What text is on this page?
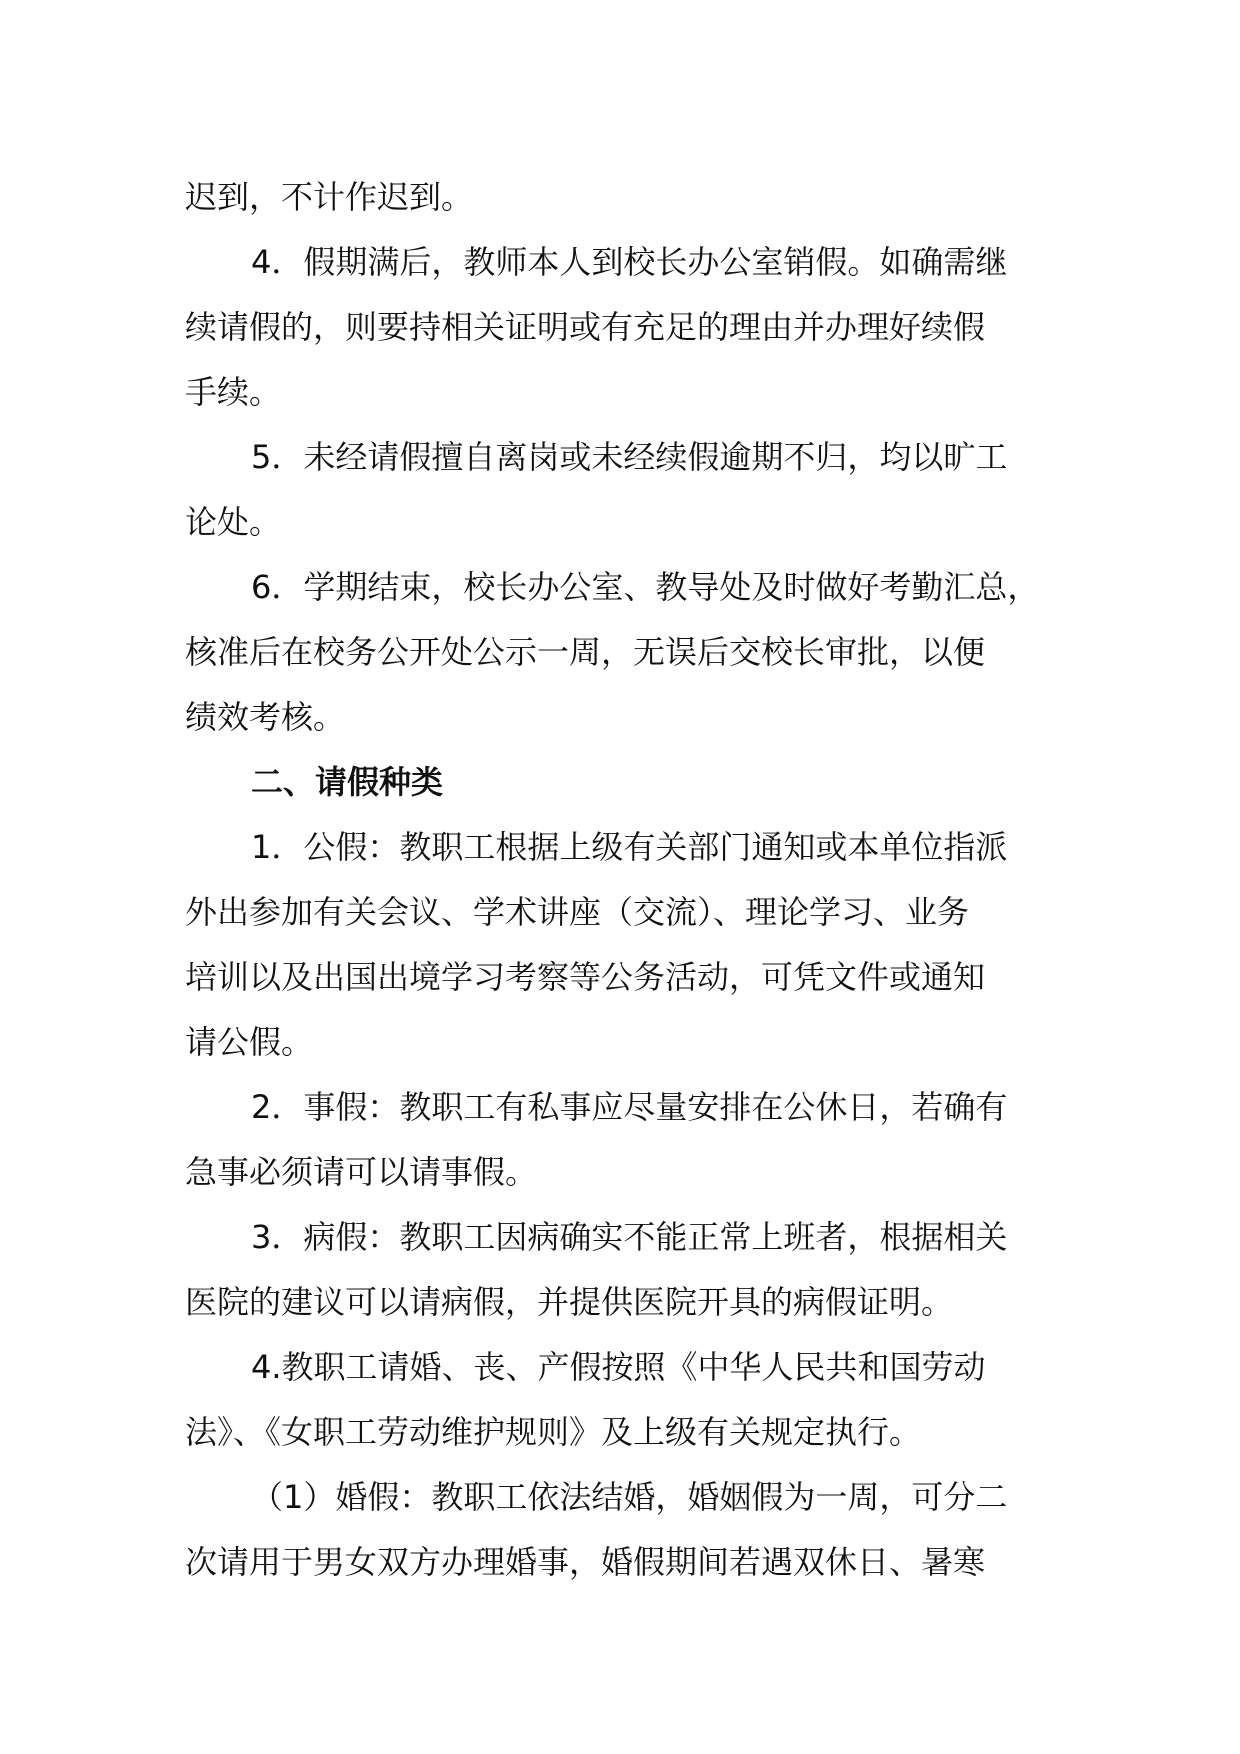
迟到，不计作迟到。
4．假期满后，教师本人到校长办公室销假。如确需继
续请假的，则要持相关证明或有充足的理由并办理好续假
手续。
5．未经请假擅自离岗或未经续假逾期不归，均以旷工
论处。
6．学期结束，校长办公室、教导处及时做好考勤汇总，
核准后在校务公开处公示一周，无误后交校长审批，以便
绩效考核。
二、请假种类
1．公假：教职工根据上级有关部门通知或本单位指派
外出参加有关会议、学术讲座（交流）、理论学习、业务
培训以及出国出境学习考察等公务活动，可凭文件或通知
请公假。
2．事假：教职工有私事应尽量安排在公休日，若确有
急事必须请可以请事假。
3．病假：教职工因病确实不能正常上班者，根据相关
医院的建议可以请病假，并提供医院开具的病假证明。
4.教职工请婚、丧、产假按照《中华人民共和国劳动
法》、《女职工劳动维护规则》及上级有关规定执行。
（1）婚假：教职工依法结婚，婚姻假为一周，可分二
次请用于男女双方办理婚事，婚假期间若遇双休日、暑寒
